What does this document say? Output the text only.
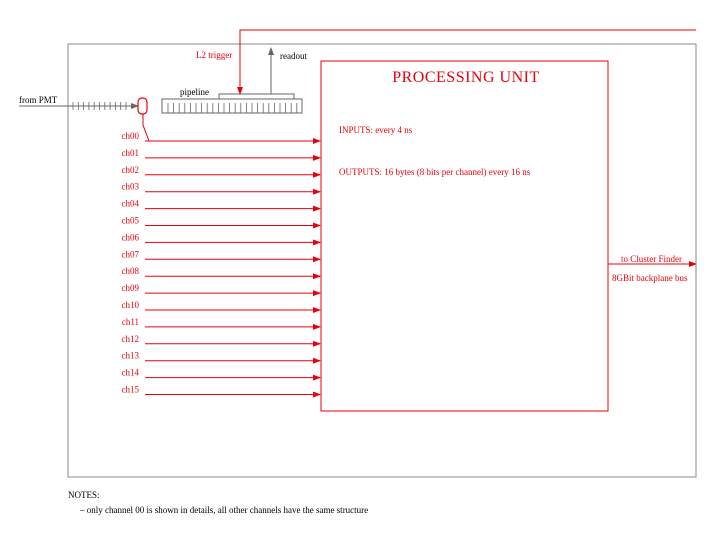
PROCESSING UNIT
INPUTS: every 4 ns
OUTPUTS: 16 bytes (8 bits per channel) every 16 ns
from PMT
pipeline
readout
L2 trigger
ch00
ch01
ch02
ch03
ch04
ch05
ch06
ch07
ch08
ch09
ch10
ch11
ch12
ch13
ch14
ch15
to Cluster Finder
8GBit backplane bus
NOTES:
– only channel 00 is shown in details, all other channels have the same structure
